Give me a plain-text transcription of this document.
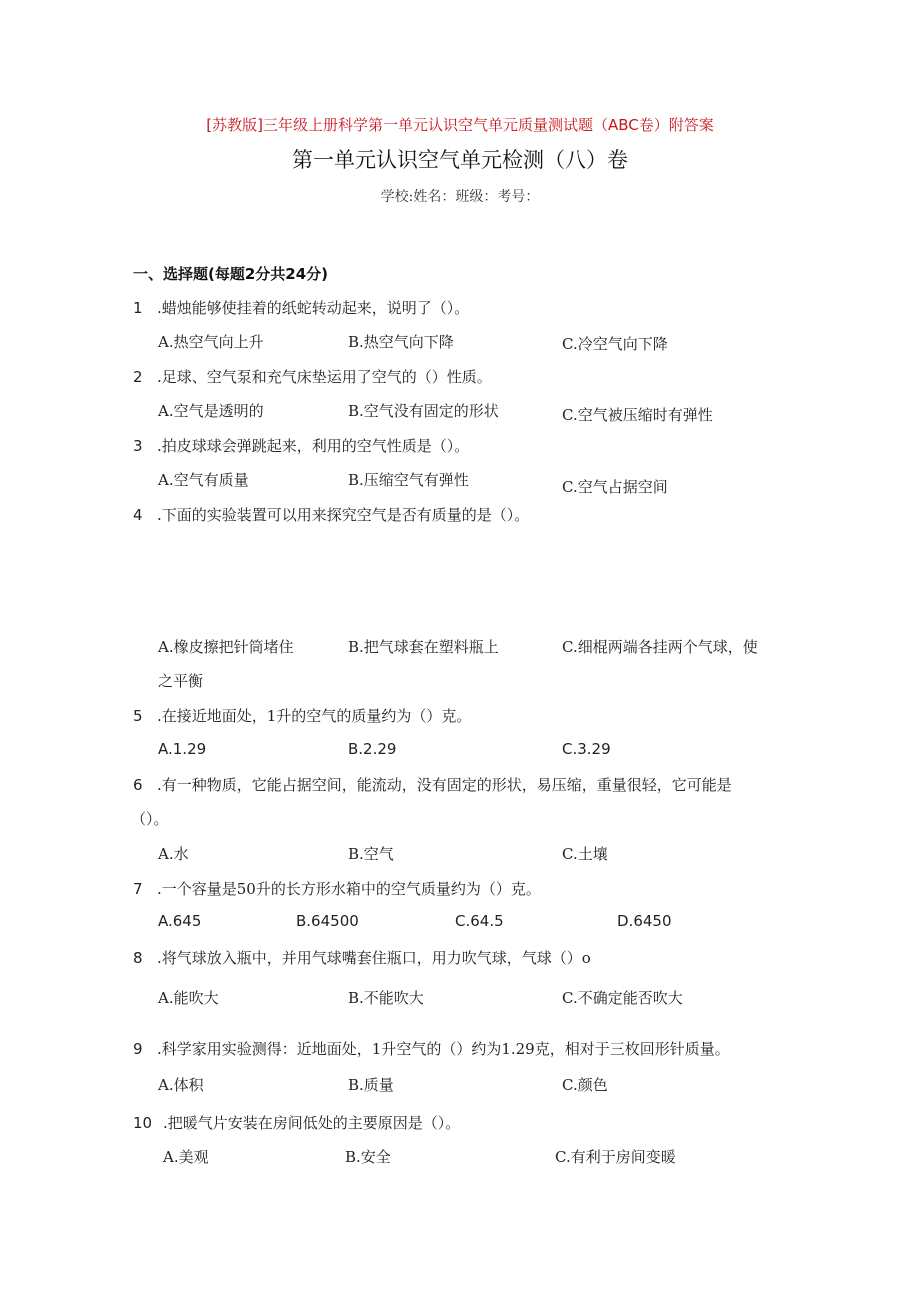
[苏教版]三年级上册科学第一单元认识空气单元质量测试题（ABC卷）附答案
第一单元认识空气单元检测（八）卷
学校:姓名：班级：考号：
一、选择题(每题2分共24分)
1 .蜡烛能够使挂着的纸蛇转动起来，说明了（）。
A.热空气向上升	B.热空气向下降	C.冷空气向下降
2 .足球、空气泵和充气床垫运用了空气的（）性质。
A.空气是透明的	B.空气没有固定的形状	C.空气被压缩时有弹性
3 .拍皮球球会弹跳起来，利用的空气性质是（）。
A.空气有质量	B.压缩空气有弹性	C.空气占据空间
4 .下面的实验装置可以用来探究空气是否有质量的是（）。
A.橡皮擦把针筒堵住	B.把气球套在塑料瓶上	C.细棍两端各挂两个气球，使
之平衡
5 .在接近地面处，1升的空气的质量约为（）克。
A.1.29	B.2.29	C.3.29
6 .有一种物质，它能占据空间，能流动，没有固定的形状，易压缩，重量很轻，它可能是
（）。
A.水	B.空气	C.土壤
7 .一个容量是50升的长方形水箱中的空气质量约为（）克。
A.645	B.64500	C.64.5	D.6450
8 .将气球放入瓶中，并用气球嘴套住瓶口，用力吹气球，气球（）o
A.能吹大	B.不能吹大	C.不确定能否吹大
9 .科学家用实验测得：近地面处，1升空气的（）约为1.29克，相对于三枚回形针质量。
A.体积	B.质量	C.颜色
10 .把暖气片安装在房间低处的主要原因是（）。
A.美观	B.安全	C.有利于房间变暖
